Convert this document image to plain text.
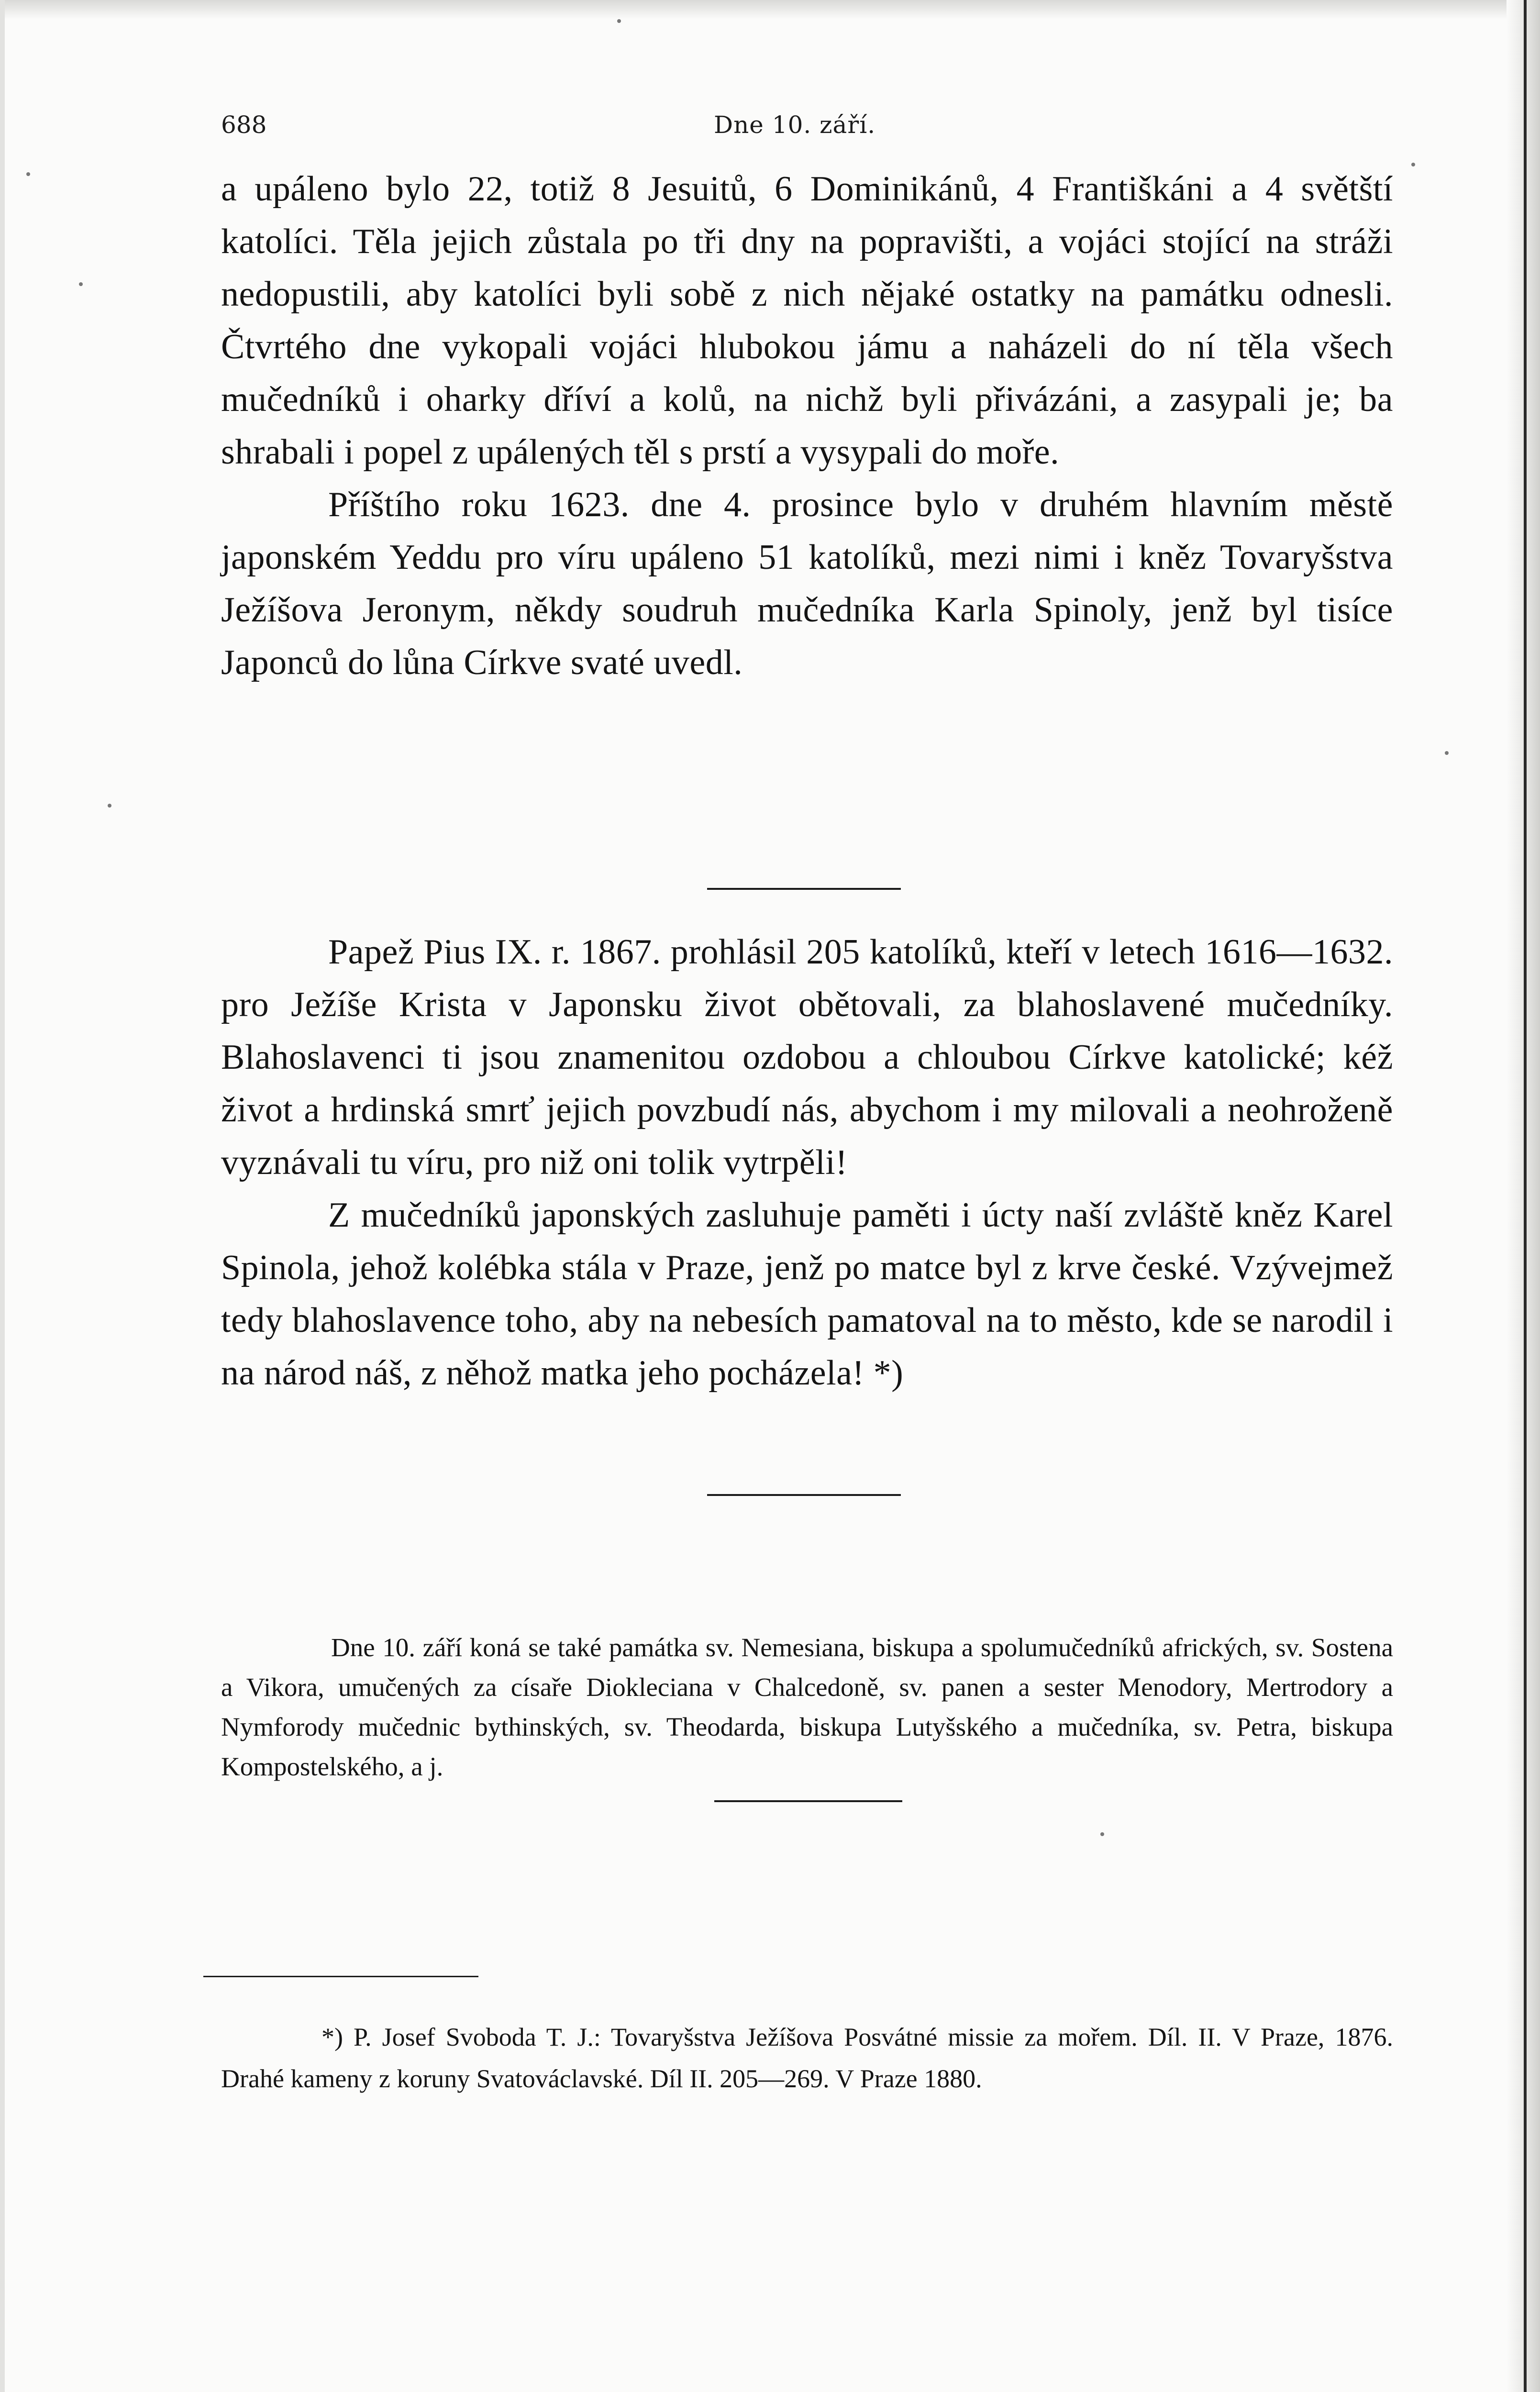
688	Dne 10. září.

a upáleno bylo 22, totiž 8 Jesuitů, 6 Dominikánů, 4 Františkáni a 4 světští katolíci. Těla jejich zůstala po tři dny na popravišti, a vojáci stojící na stráži nedopustili, aby katolíci byli sobě z nich nějaké ostatky na památku odnesli. Čtvrtého dne vykopali vojáci hlubokou jámu a naházeli do ní těla všech mučedníků i oharky dříví a kolů, na nichž byli přivázáni, a zasypali je; ba shrabali i popel z upálených těl s prstí a vysypali do moře.

Příštího roku 1623. dne 4. prosince bylo v druhém hlavním městě japonském Yeddu pro víru upáleno 51 katolíků, mezi nimi i kněz Tovaryšstva Ježíšova Jeronym, někdy soudruh mučedníka Karla Spinoly, jenž byl tisíce Japonců do lůna Církve svaté uvedl.

Papež Pius IX. r. 1867. prohlásil 205 katolíků, kteří v letech 1616—1632. pro Ježíše Krista v Japonsku život obětovali, za blahoslavené mučedníky. Blahoslavenci ti jsou znamenitou ozdobou a chloubou Církve katolické; kéž život a hrdinská smrť jejich povzbudí nás, abychom i my milovali a neohroženě vyznávali tu víru, pro niž oni tolik vytrpěli!

Z mučedníků japonských zasluhuje paměti i úcty naší zvláště kněz Karel Spinola, jehož kolébka stála v Praze, jenž po matce byl z krve české. Vzývejmež tedy blahoslavence toho, aby na nebesích pamatoval na to město, kde se narodil i na národ náš, z něhož matka jeho pocházela! *)

Dne 10. září koná se také památka sv. Nemesiana, biskupa a spolumučedníků afrických, sv. Sostena a Vikora, umučených za císaře Diokleciana v Chalcedoně, sv. panen a sester Menodory, Mertrodory a Nymforody mučednic bythinských, sv. Theodarda, biskupa Lutyšského a mučedníka, sv. Petra, biskupa Kompostelského, a j.

*) P. Josef Svoboda T. J.: Tovaryšstva Ježíšova Posvátné missie za mořem. Díl. II. V Praze, 1876. Drahé kameny z koruny Svatováclavské. Díl II. 205—269. V Praze 1880.
